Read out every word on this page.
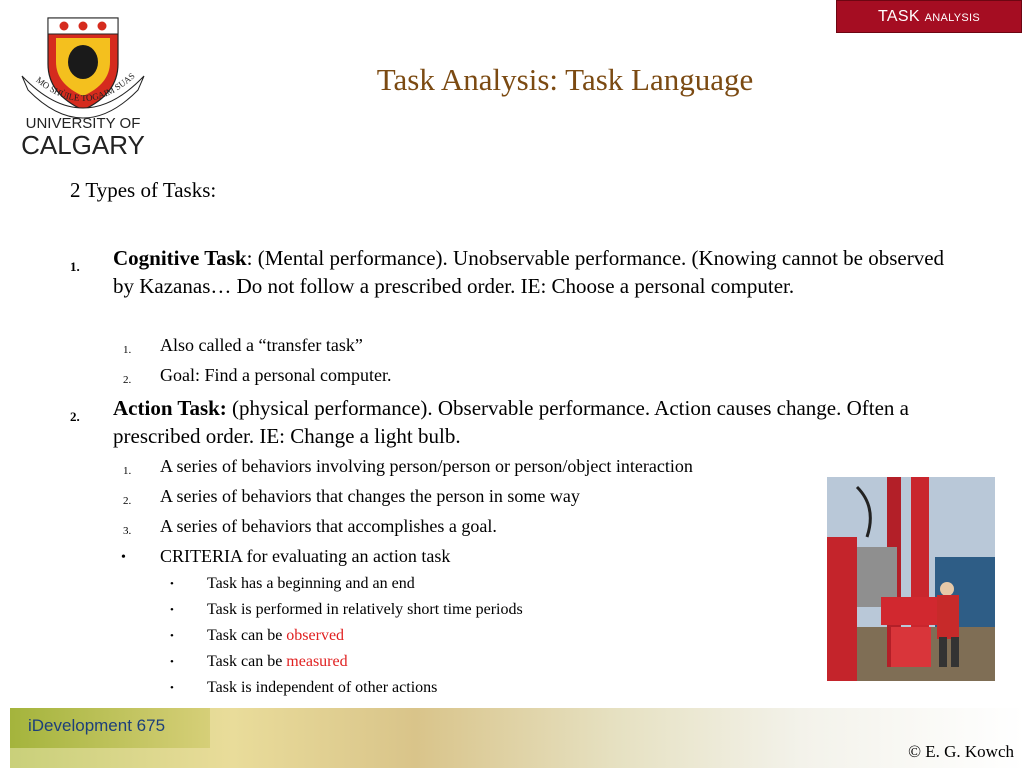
TASK
analysis
MO SHÙILE TOGAIM SUAS
UNIVERSITY OF
CALGARY
Task Analysis: Task Language
2 Types of Tasks:
1. Cognitive Task: (Mental performance). Unobservable performance. (Knowing cannot be observed by Kazanas… Do not follow a prescribed order. IE: Choose a personal computer.
1. Also called a “transfer task”
2. Goal: Find a personal computer.
2. Action Task: (physical performance). Observable performance. Action causes change. Often a prescribed order. IE: Change a light bulb.
1. A series of behaviors involving person/person or person/object interaction
2. A series of behaviors that changes the person in some way
3. A series of behaviors that accomplishes a goal.
• CRITERIA for evaluating an action task
• Task has a beginning and an end
• Task is performed in relatively short time periods
• Task can be observed
• Task can be measured
• Task is independent of other actions
iDevelopment 675
© E. G. Kowch
